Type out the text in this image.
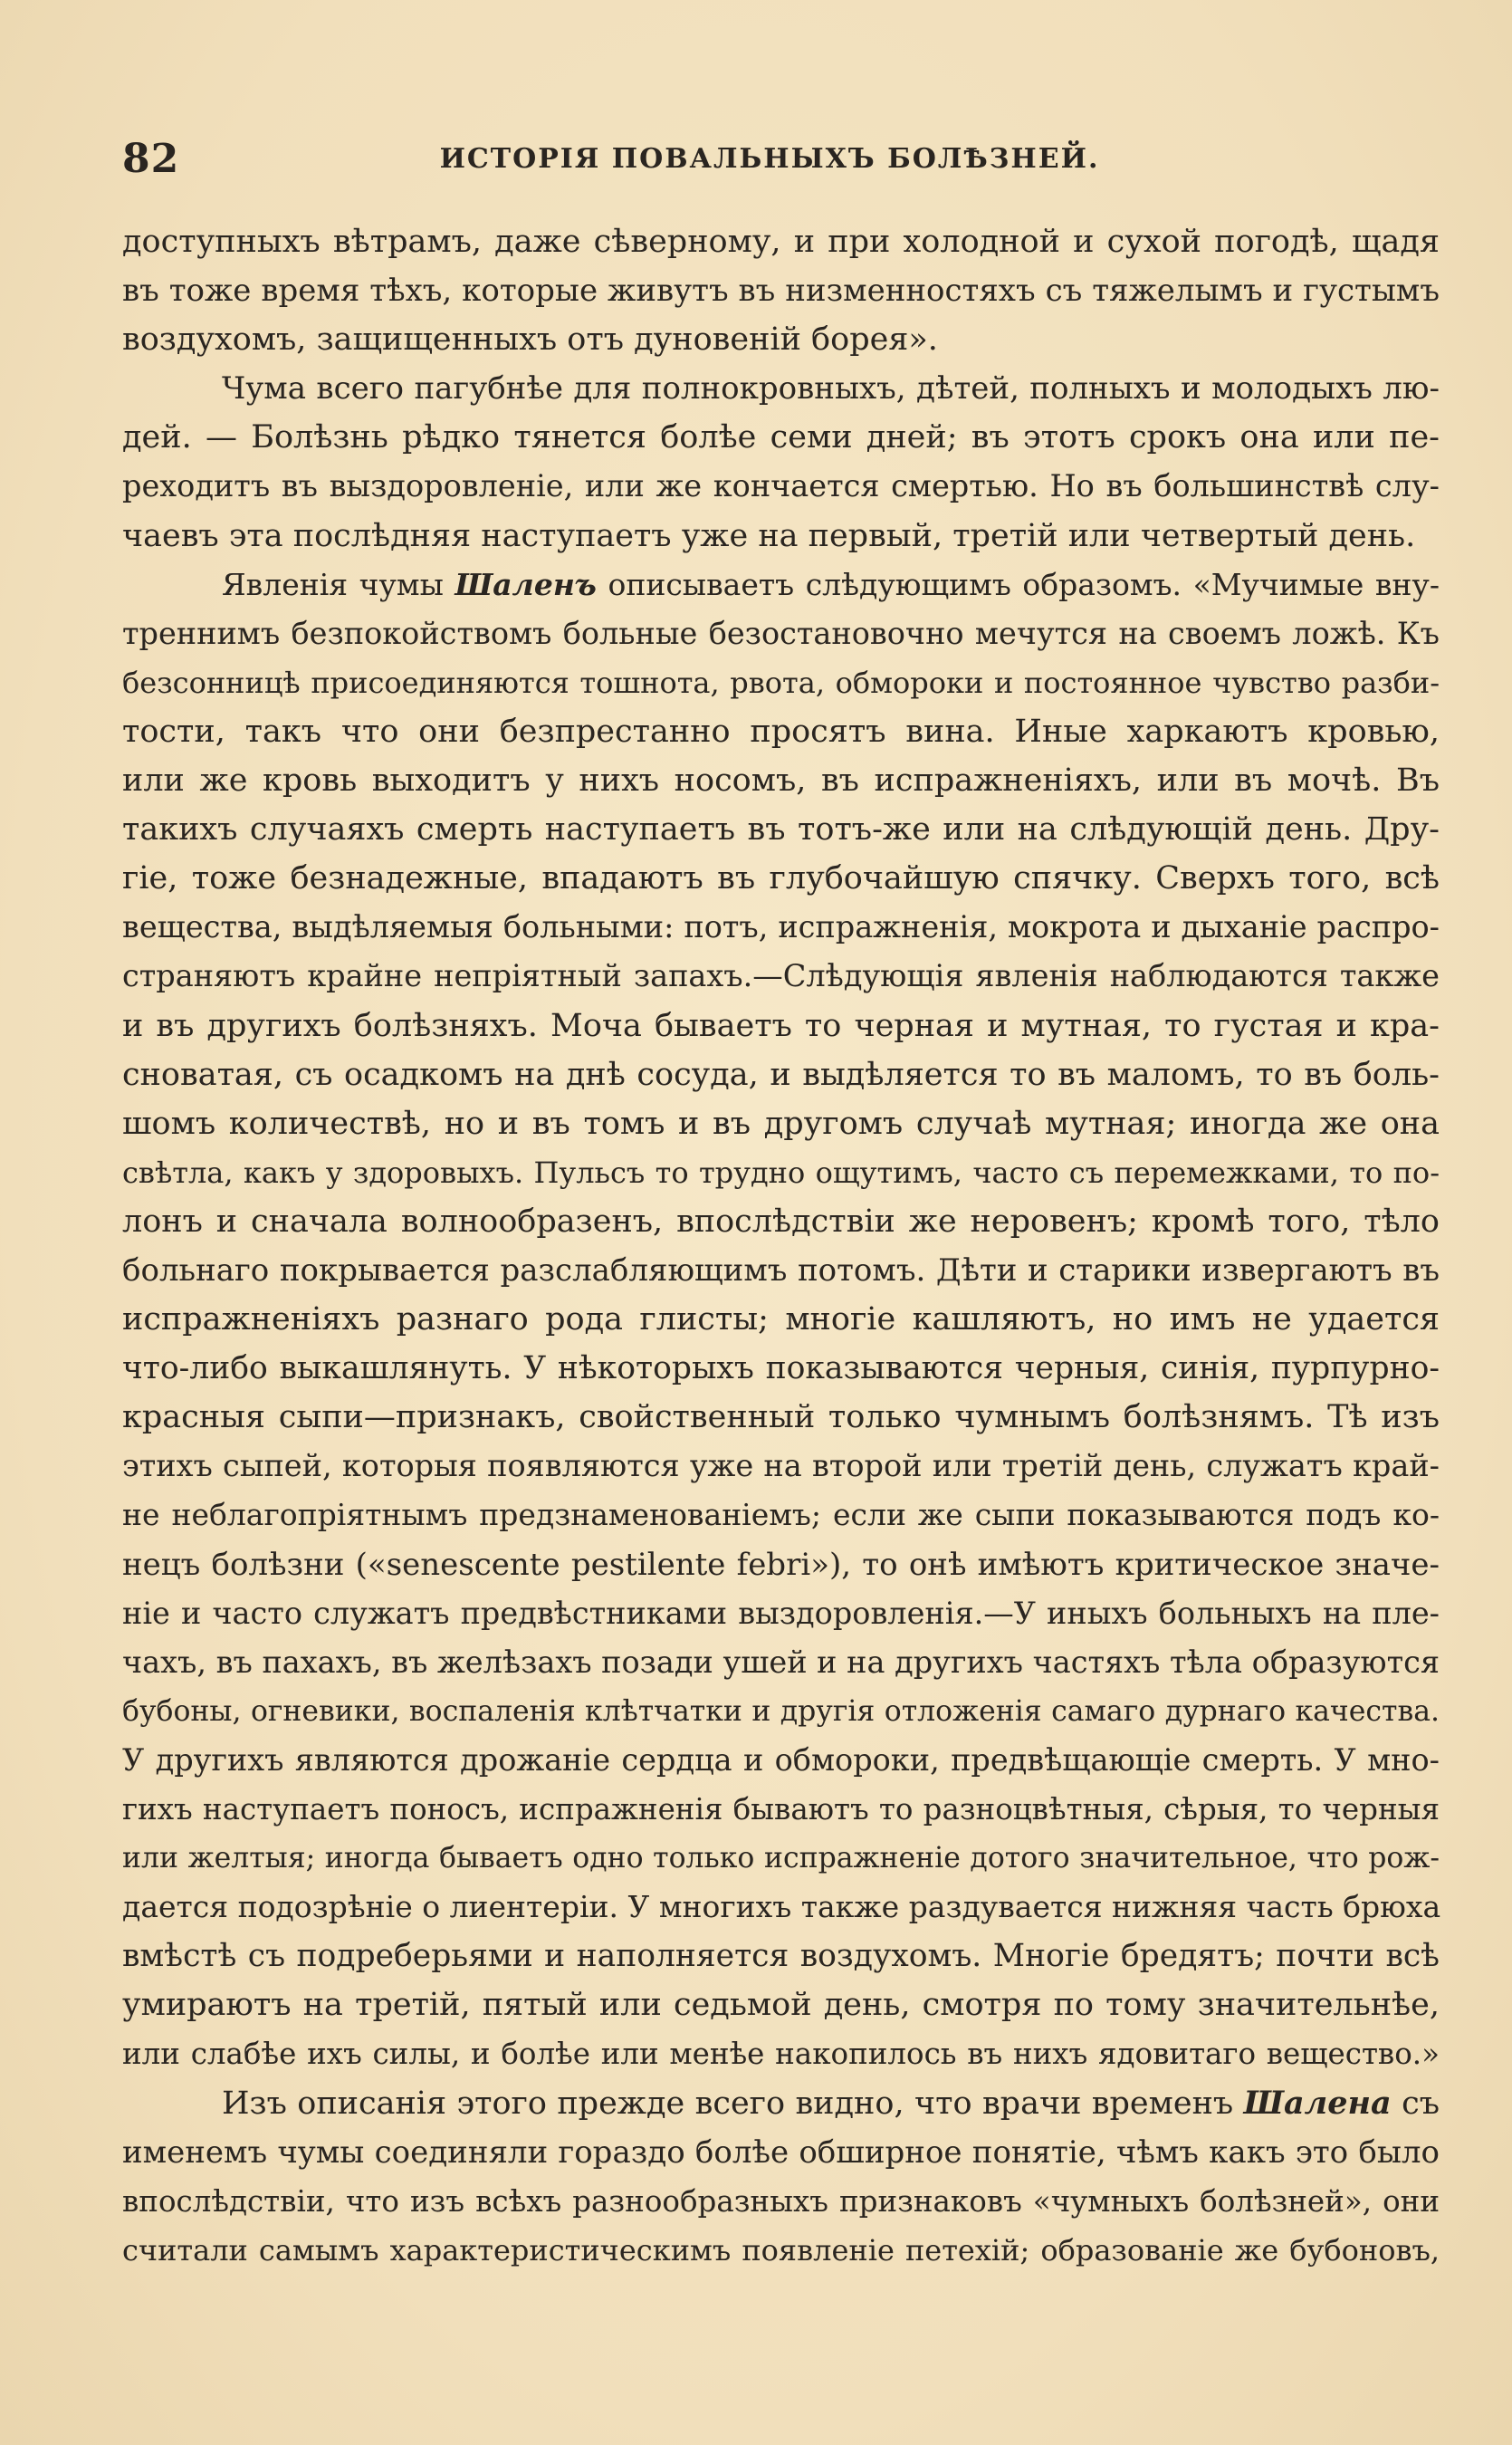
82	ИСТОРІЯ ПОВАЛЬНЫХЪ БОЛѢЗНЕЙ.
доступныхъ вѣтрамъ, даже сѣверному, и при холодной и сухой погодѣ, щадя
въ тоже время тѣхъ, которые живутъ въ низменностяхъ съ тяжелымъ и густымъ
воздухомъ, защищенныхъ отъ дуновеній борея».
Чума всего пагубнѣе для полнокровныхъ, дѣтей, полныхъ и молодыхъ лю-
дей. — Болѣзнь рѣдко тянется болѣе семи дней; въ этотъ срокъ она или пе-
реходитъ въ выздоровленіе, или же кончается смертью. Но въ большинствѣ слу-
чаевъ эта послѣдняя наступаетъ уже на первый, третій или четвертый день.
Явленія чумы Шаленъ описываетъ слѣдующимъ образомъ. «Мучимые вну-
треннимъ безпокойствомъ больные безостановочно мечутся на своемъ ложѣ. Къ
безсонницѣ присоединяются тошнота, рвота, обмороки и постоянное чувство разби-
тости, такъ что они безпрестанно просятъ вина. Иные харкаютъ кровью,
или же кровь выходитъ у нихъ носомъ, въ испражненіяхъ, или въ мочѣ. Въ
такихъ случаяхъ смерть наступаетъ въ тотъ-же или на слѣдующій день. Дру-
гіе, тоже безнадежные, впадаютъ въ глубочайшую спячку. Сверхъ того, всѣ
вещества, выдѣляемыя больными: потъ, испражненія, мокрота и дыханіе распро-
страняютъ крайне непріятный запахъ.—Слѣдующія явленія наблюдаются также
и въ другихъ болѣзняхъ. Моча бываетъ то черная и мутная, то густая и кра-
сноватая, съ осадкомъ на днѣ сосуда, и выдѣляется то въ маломъ, то въ боль-
шомъ количествѣ, но и въ томъ и въ другомъ случаѣ мутная; иногда же она
свѣтла, какъ у здоровыхъ. Пульсъ то трудно ощутимъ, часто съ перемежками, то по-
лонъ и сначала волнообразенъ, впослѣдствіи же неровенъ; кромѣ того, тѣло
больнаго покрывается разслабляющимъ потомъ. Дѣти и старики извергаютъ въ
испражненіяхъ разнаго рода глисты; многіе кашляютъ, но имъ не удается
что-либо выкашлянуть. У нѣкоторыхъ показываются черныя, синія, пурпурно-
красныя сыпи—признакъ, свойственный только чумнымъ болѣзнямъ. Тѣ изъ
этихъ сыпей, которыя появляются уже на второй или третій день, служатъ край-
не неблагопріятнымъ предзнаменованіемъ; если же сыпи показываются подъ ко-
нецъ болѣзни («senescente pestilente febri»), то онѣ имѣютъ критическое значе-
ніе и часто служатъ предвѣстниками выздоровленія.—У иныхъ больныхъ на пле-
чахъ, въ пахахъ, въ желѣзахъ позади ушей и на другихъ частяхъ тѣла образуются
бубоны, огневики, воспаленія клѣтчатки и другія отложенія самаго дурнаго качества.
У другихъ являются дрожаніе сердца и обмороки, предвѣщающіе смерть. У мно-
гихъ наступаетъ поносъ, испражненія бываютъ то разноцвѣтныя, сѣрыя, то черныя
или желтыя; иногда бываетъ одно только испражненіе дотого значительное, что рож-
дается подозрѣніе о лиентеріи. У многихъ также раздувается нижняя часть брюха
вмѣстѣ съ подреберьями и наполняется воздухомъ. Многіе бредятъ; почти всѣ
умираютъ на третій, пятый или седьмой день, смотря по тому значительнѣе,
или слабѣе ихъ силы, и болѣе или менѣе накопилось въ нихъ ядовитаго вещество.»
Изъ описанія этого прежде всего видно, что врачи временъ Шалена съ
именемъ чумы соединяли гораздо болѣе обширное понятіе, чѣмъ какъ это было
впослѣдствіи, что изъ всѣхъ разнообразныхъ признаковъ «чумныхъ болѣзней», они
считали самымъ характеристическимъ появленіе петехій; образованіе же бубоновъ,
